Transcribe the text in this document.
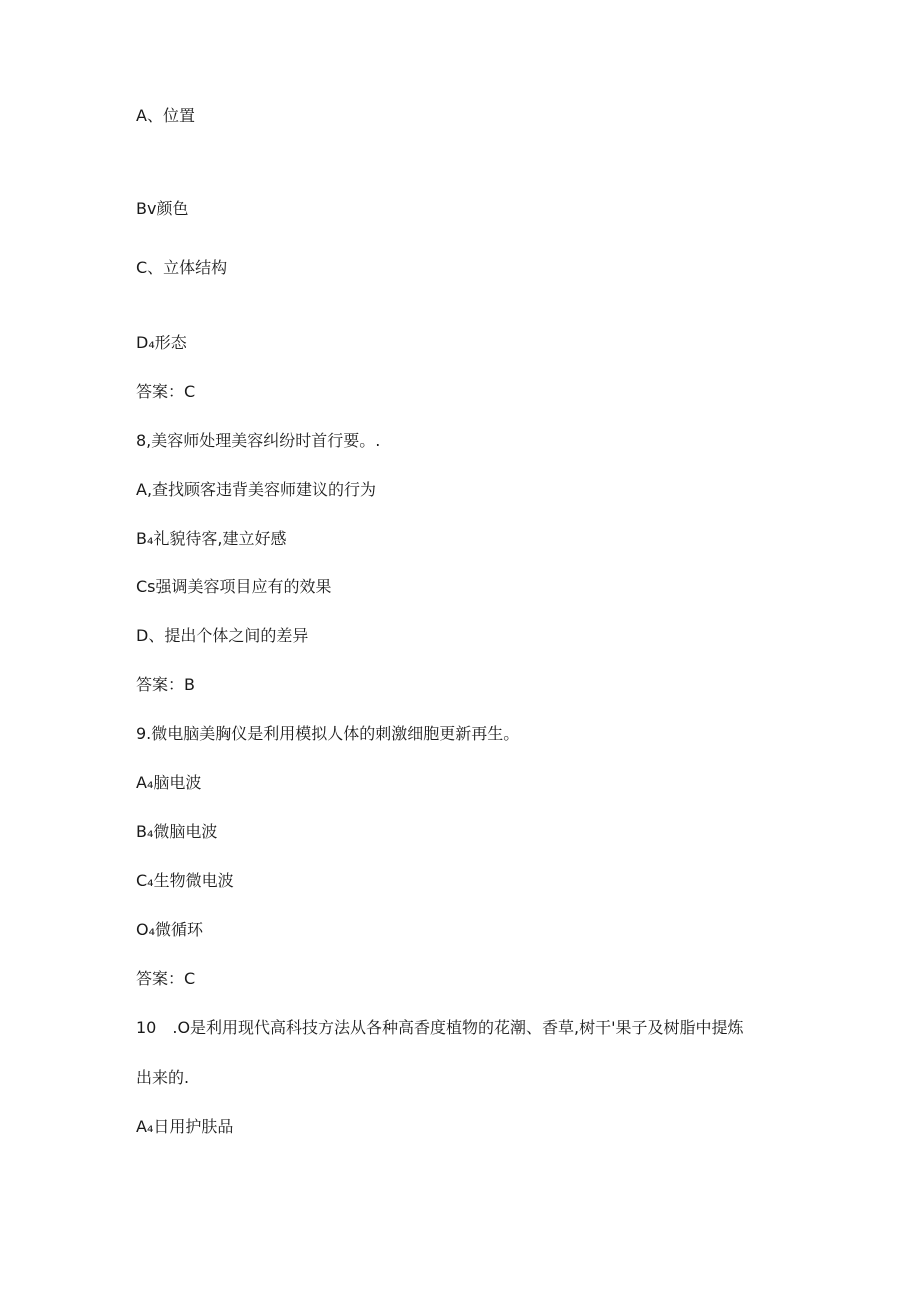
A、位置
Bv颜色
C、立体结构
D₄形态
答案：C
8,美容师处理美容纠纷时首行要。.
A,查找顾客违背美容师建议的行为
B₄礼貌待客,建立好感
Cs强调美容项目应有的效果
D、提出个体之间的差异
答案：B
9.微电脑美胸仪是利用模拟人体的刺激细胞更新再生。
A₄脑电波
B₄微脑电波
C₄生物微电波
O₄微循环
答案：C
10　.O是利用现代高科技方法从各种高香度植物的花潮、香草,树干'果子及树脂中提炼
出来的.
A₄日用护肤品
